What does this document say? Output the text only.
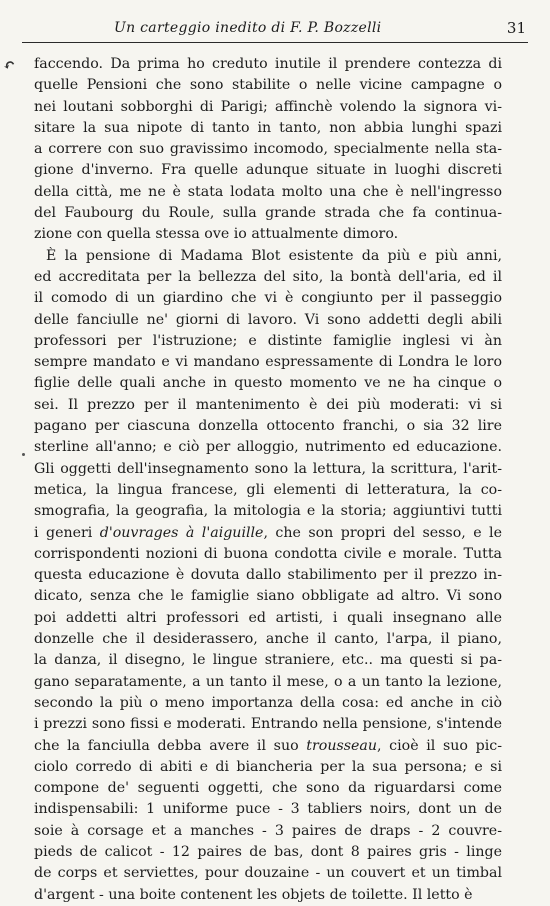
Un carteggio inedito di F. P. Bozzelli	31
↶ faccendo. Da prima ho creduto inutile il prendere contezza di
quelle Pensioni che sono stabilite o nelle vicine campagne o
nei loutani sobborghi di Parigi; affinchè volendo la signora vi-
sitare la sua nipote di tanto in tanto, non abbia lunghi spazi
a correre con suo gravissimo incomodo, specialmente nella sta-
gione d'inverno. Fra quelle adunque situate in luoghi discreti
della città, me ne è stata lodata molto una che è nell'ingresso
del Faubourg du Roule, sulla grande strada che fa continua-
zione con quella stessa ove io attualmente dimoro.
È la pensione di Madama Blot esistente da più e più anni,
ed accreditata per la bellezza del sito, la bontà dell'aria, ed il
il comodo di un giardino che vi è congiunto per il passeggio
delle fanciulle ne' giorni di lavoro. Vi sono addetti degli abili
professori per l'istruzione; e distinte famiglie inglesi vi àn
sempre mandato e vi mandano espressamente di Londra le loro
figlie delle quali anche in questo momento ve ne ha cinque o
sei. Il prezzo per il mantenimento è dei più moderati: vi si
pagano per ciascuna donzella ottocento franchi, o sia 32 lire
sterline all'anno; e ciò per alloggio, nutrimento ed educazione.
Gli oggetti dell'insegnamento sono la lettura, la scrittura, l'arit-
metica, la lingua francese, gli elementi di letteratura, la co-
smografia, la geografia, la mitologia e la storia; aggiuntivi tutti
i generi d'ouvrages à l'aiguille, che son propri del sesso, e le
corrispondenti nozioni di buona condotta civile e morale. Tutta
questa educazione è dovuta dallo stabilimento per il prezzo in-
dicato, senza che le famiglie siano obbligate ad altro. Vi sono
poi addetti altri professori ed artisti, i quali insegnano alle
donzelle che il desiderassero, anche il canto, l'arpa, il piano,
la danza, il disegno, le lingue straniere, etc.. ma questi si pa-
gano separatamente, a un tanto il mese, o a un tanto la lezione,
secondo la più o meno importanza della cosa: ed anche in ciò
i prezzi sono fissi e moderati. Entrando nella pensione, s'intende
che la fanciulla debba avere il suo trousseau, cioè il suo pic-
ciolo corredo di abiti e di biancheria per la sua persona; e si
compone de' seguenti oggetti, che sono da riguardarsi come
indispensabili: 1 uniforme puce - 3 tabliers noirs, dont un de
soie à corsage et a manches - 3 paires de draps - 2 couvre-
pieds de calicot - 12 paires de bas, dont 8 paires gris - linge
de corps et serviettes, pour douzaine - un couvert et un timbal
d'argent - una boite contenent les objets de toilette. Il letto è
